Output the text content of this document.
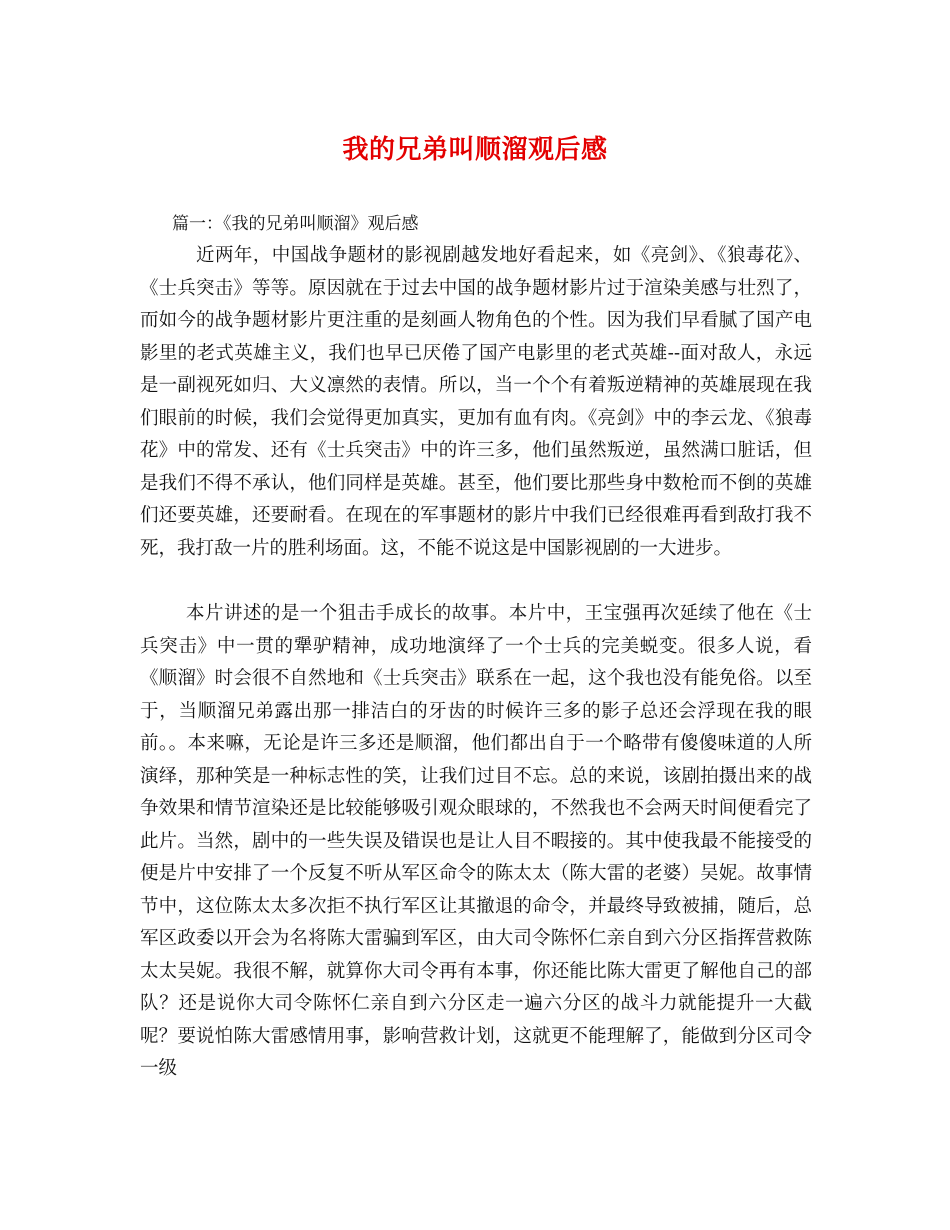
我的兄弟叫顺溜观后感

篇一：《我的兄弟叫顺溜》观后感

近两年，中国战争题材的影视剧越发地好看起来，如《亮剑》、《狼毒花》、《士兵突击》等等。原因就在于过去中国的战争题材影片过于渲染美感与壮烈了，而如今的战争题材影片更注重的是刻画人物角色的个性。因为我们早看腻了国产电影里的老式英雄主义，我们也早已厌倦了国产电影里的老式英雄--面对敌人，永远是一副视死如归、大义凛然的表情。所以，当一个个有着叛逆精神的英雄展现在我们眼前的时候，我们会觉得更加真实，更加有血有肉。《亮剑》中的李云龙、《狼毒花》中的常发、还有《士兵突击》中的许三多，他们虽然叛逆，虽然满口脏话，但是我们不得不承认，他们同样是英雄。甚至，他们要比那些身中数枪而不倒的英雄们还要英雄，还要耐看。在现在的军事题材的影片中我们已经很难再看到敌打我不死，我打敌一片的胜利场面。这，不能不说这是中国影视剧的一大进步。

本片讲述的是一个狙击手成长的故事。本片中，王宝强再次延续了他在《士兵突击》中一贯的犟驴精神，成功地演绎了一个士兵的完美蜕变。很多人说，看《顺溜》时会很不自然地和《士兵突击》联系在一起，这个我也没有能免俗。以至于，当顺溜兄弟露出那一排洁白的牙齿的时候许三多的影子总还会浮现在我的眼前。。本来嘛，无论是许三多还是顺溜，他们都出自于一个略带有傻傻味道的人所演绎，那种笑是一种标志性的笑，让我们过目不忘。总的来说，该剧拍摄出来的战争效果和情节渲染还是比较能够吸引观众眼球的，不然我也不会两天时间便看完了此片。当然，剧中的一些失误及错误也是让人目不暇接的。其中使我最不能接受的便是片中安排了一个反复不听从军区命令的陈太太（陈大雷的老婆）吴妮。故事情节中，这位陈太太多次拒不执行军区让其撤退的命令，并最终导致被捕，随后，总军区政委以开会为名将陈大雷骗到军区，由大司令陈怀仁亲自到六分区指挥营救陈太太吴妮。我很不解，就算你大司令再有本事，你还能比陈大雷更了解他自己的部队？还是说你大司令陈怀仁亲自到六分区走一遍六分区的战斗力就能提升一大截呢？要说怕陈大雷感情用事，影响营救计划，这就更不能理解了，能做到分区司令一级
